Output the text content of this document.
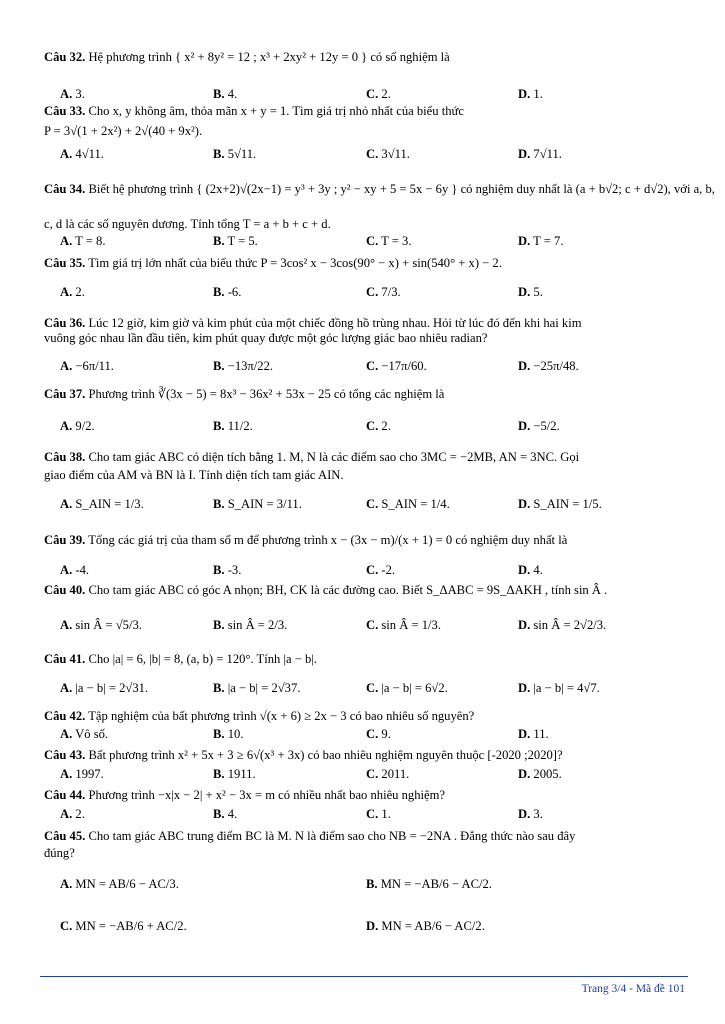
Câu 32. Hệ phương trình { x² + 8y² = 12 ; x³ + 2xy² + 12y = 0 } có số nghiệm là
A. 3.	B. 4.	C. 2.	D. 1.
Câu 33. Cho x, y không âm, thỏa mãn x + y = 1. Tìm giá trị nhỏ nhất của biểu thức
P = 3√(1 + 2x²) + 2√(40 + 9x²).
A. 4√11.	B. 5√11.	C. 3√11.	D. 7√11.
Câu 34. Biết hệ phương trình { (2x+2)√(2x−1) = y³ + 3y ; y² − xy + 5 = 5x − 6y } có nghiệm duy nhất là (a + b√2; c + d√2), với a, b,
c, d là các số nguyên dương. Tính tổng T = a + b + c + d.
A. T = 8.	B. T = 5.	C. T = 3.	D. T = 7.
Câu 35. Tìm giá trị lớn nhất của biểu thức P = 3cos² x − 3cos(90° − x) + sin(540° + x) − 2.
A. 2.	B. -6.	C. 7/3.	D. 5.
Câu 36. Lúc 12 giờ, kim giờ và kim phút của một chiếc đồng hồ trùng nhau. Hỏi từ lúc đó đến khi hai kim
vuông góc nhau lần đầu tiên, kim phút quay được một góc lượng giác bao nhiêu radian?
A. −6π/11.	B. −13π/22.	C. −17π/60.	D. −25π/48.
Câu 37. Phương trình ∛(3x − 5) = 8x³ − 36x² + 53x − 25 có tổng các nghiệm là
A. 9/2.	B. 11/2.	C. 2.	D. −5/2.
Câu 38. Cho tam giác ABC có diện tích bằng 1. M, N là các điểm sao cho 3MC = −2MB, AN = 3NC. Gọi
giao điểm của AM và BN là I. Tính diện tích tam giác AIN.
A. S_AIN = 1/3.	B. S_AIN = 3/11.	C. S_AIN = 1/4.	D. S_AIN = 1/5.
Câu 39. Tổng các giá trị của tham số m để phương trình x − (3x − m)/(x + 1) = 0 có nghiệm duy nhất là
A. -4.	B. -3.	C. -2.	D. 4.
Câu 40. Cho tam giác ABC có góc A nhọn; BH, CK là các đường cao. Biết S_ΔABC = 9S_ΔAKH , tính sin Â .
A. sin Â = √5/3.	B. sin Â = 2/3.	C. sin Â = 1/3.	D. sin Â = 2√2/3.
Câu 41. Cho |a| = 6, |b| = 8, (a, b) = 120°. Tính |a − b|.
A. |a − b| = 2√31.	B. |a − b| = 2√37.	C. |a − b| = 6√2.	D. |a − b| = 4√7.
Câu 42. Tập nghiệm của bất phương trình √(x + 6) ≥ 2x − 3 có bao nhiêu số nguyên?
A. Vô số.	B. 10.	C. 9.	D. 11.
Câu 43. Bất phương trình x² + 5x + 3 ≥ 6√(x³ + 3x) có bao nhiêu nghiệm nguyên thuộc [-2020 ;2020]?
A. 1997.	B. 1911.	C. 2011.	D. 2005.
Câu 44. Phương trình −x|x − 2| + x² − 3x = m có nhiều nhất bao nhiêu nghiệm?
A. 2.	B. 4.	C. 1.	D. 3.
Câu 45. Cho tam giác ABC trung điểm BC là M. N là điểm sao cho NB = −2NA . Đẳng thức nào sau đây
đúng?
A. MN = AB/6 − AC/3.	B. MN = −AB/6 − AC/2.
C. MN = −AB/6 + AC/2.	D. MN = AB/6 − AC/2.
Trang 3/4 - Mã đề 101
